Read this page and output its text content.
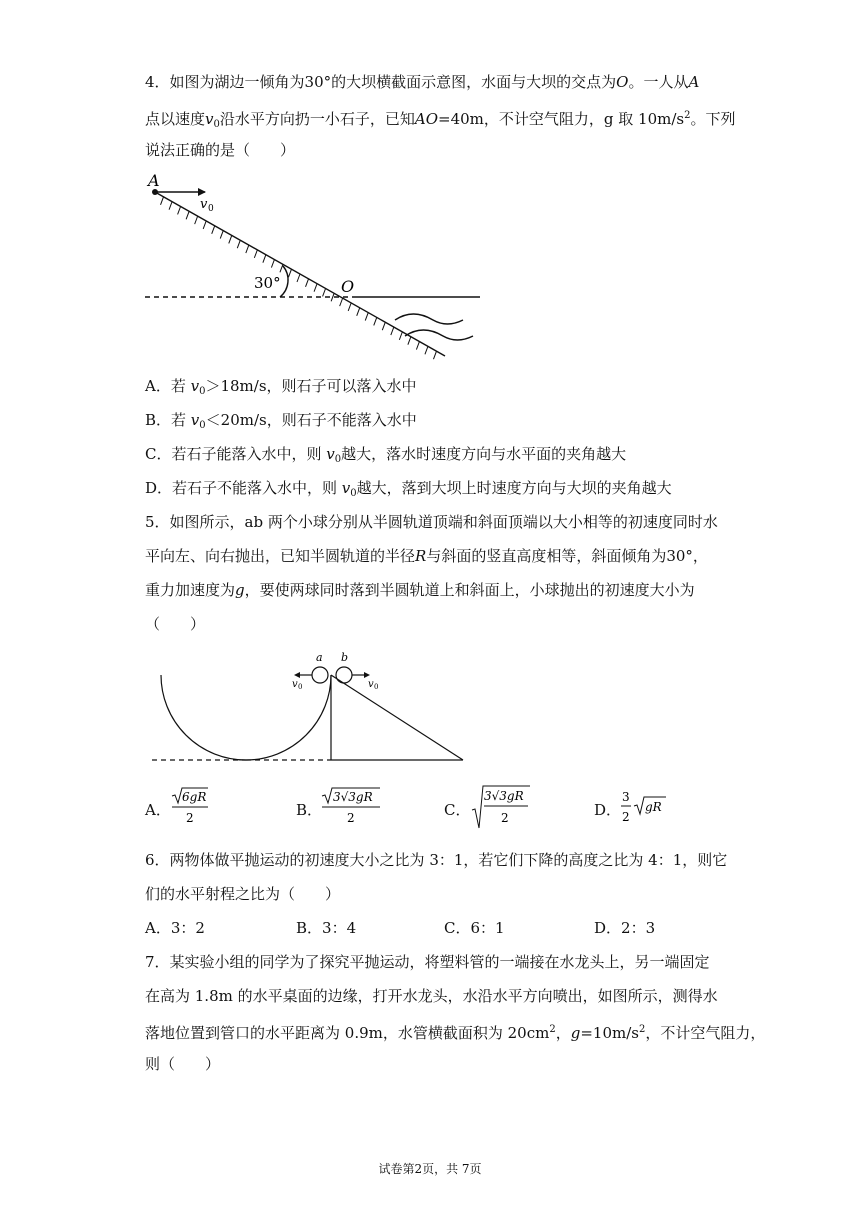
4．如图为湖边一倾角为30°的大坝横截面示意图，水面与大坝的交点为O。一人从A
点以速度$v_0$沿水平方向扔一小石子，已知AO=40m，不计空气阻力，g 取 $10m/s^2$。下列
说法正确的是（　　）
A
v 0
30°	O
A．若 $v_0>18m/s$，则石子可以落入水中
B．若 $v_0<20m/s$，则石子不能落入水中
C．若石子能落入水中，则 $v_0$越大，落水时速度方向与水平面的夹角越大
D．若石子不能落入水中，则 $v_0$越大，落到大坝上时速度方向与大坝的夹角越大
5．如图所示，ab 两个小球分别从半圆轨道顶端和斜面顶端以大小相等的初速度同时水
平向左、向右抛出，已知半圆轨道的半径R与斜面的竖直高度相等，斜面倾角为30°，
重力加速度为g，要使两球同时落到半圆轨道上和斜面上，小球抛出的初速度大小为
（　　）
a b
v 0	v 0
A．
6gR
2	B．
3√3gR
2	C．
3√3gR
2	D．
3
2
gR
6．两物体做平抛运动的初速度大小之比为 3：1，若它们下降的高度之比为 4：1，则它
们的水平射程之比为（　　）
A．3：2	B．3：4	C．6：1	D．2：3
7．某实验小组的同学为了探究平抛运动，将塑料管的一端接在水龙头上，另一端固定
在高为 1.8m 的水平桌面的边缘，打开水龙头，水沿水平方向喷出，如图所示，测得水
落地位置到管口的水平距离为 0.9m，水管横截面积为 $20cm^2$，$g=10m/s^2$，不计空气阻力，
则（　　）
试卷第2页，共 7页
